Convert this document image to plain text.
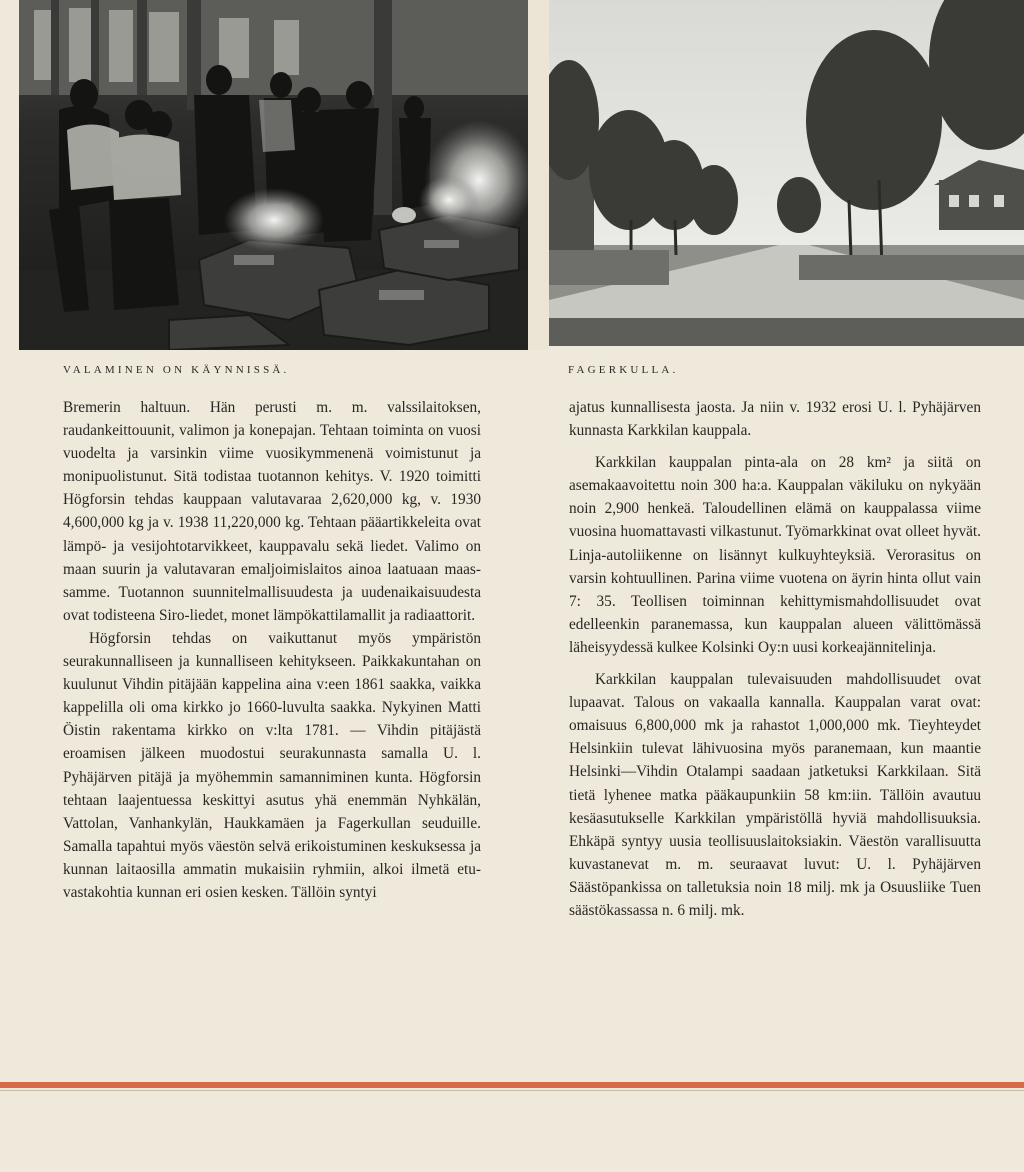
VALAMINEN ON KÄYNNISSÄ.	FAGERKULLA.

Bremerin haltuun. Hän perusti m. m. valssilaitoksen, raudankeittouunit, valimon ja konepajan. Tehtaan toiminta on vuosi vuodelta ja varsinkin viime vuosikymmenenä voimistunut ja monipuolistunut. Sitä todistaa tuotannon kehitys. V. 1920 toimitti Högforsin tehdas kauppaan valutavaraa 2,620,000 kg, v. 1930 4,600,000 kg ja v. 1938 11,220,000 kg. Tehtaan pääartikkeleita ovat lämpö- ja vesijohtotarvikkeet, kauppavalu sekä liedet. Valimo on maan suurin ja valutavaran emaljoimislaitos ainoa laatuaan maassamme. Tuotannon suunnitelmallisuudesta ja uudenaikaisuudesta ovat todisteena Siro-liedet, monet lämpökattilamallit ja radiaattorit.

Högforsin tehdas on vaikuttanut myös ympäristön seurakunnalliseen ja kunnalliseen kehitykseen. Paikkakuntahan on kuulunut Vihdin pitäjään kappelina aina v:een 1861 saakka, vaikka kappelilla oli oma kirkko jo 1660-luvulta saakka. Nykyinen Matti Öistin rakentama kirkko on v:lta 1781. — Vihdin pitäjästä eroamisen jälkeen muodostui seurakunnasta samalla U. l. Pyhäjärven pitäjä ja myöhemmin samanniminen kunta. Högforsin tehtaan laajentuessa keskittyi asutus yhä enemmän Nyhkälän, Vattolan, Vanhankylän, Haukkamäen ja Fagerkullan seuduille. Samalla tapahtui myös väestön selvä erikoistuminen keskuksessa ja kunnan laitaosilla ammatin mukaisiin ryhmiin, alkoi ilmetä etuvastakohtia kunnan eri osien kesken. Tällöin syntyi

ajatus kunnallisesta jaosta. Ja niin v. 1932 erosi U. l. Pyhäjärven kunnasta Karkkilan kauppala.

Karkkilan kauppalan pinta-ala on 28 km² ja siitä on asemakaavoitettu noin 300 ha:a. Kauppalan väkiluku on nykyään noin 2,900 henkeä. Taloudellinen elämä on kauppalassa viime vuosina huomattavasti vilkastunut. Työmarkkinat ovat olleet hyvät. Linja-autoliikenne on lisännyt kulkuyhteyksiä. Verorasitus on varsin kohtuullinen. Parina viime vuotena on äyrin hinta ollut vain 7: 35. Teollisen toiminnan kehittymismahdollisuudet ovat edelleenkin paranemassa, kun kauppalan alueen välittömässä läheisyydessä kulkee Kolsinki Oy:n uusi korkeajännitelinja.

Karkkilan kauppalan tulevaisuuden mahdollisuudet ovat lupaavat. Talous on vakaalla kannalla. Kauppalan varat ovat: omaisuus 6,800,000 mk ja rahastot 1,000,000 mk. Tieyhteydet Helsinkiin tulevat lähivuosina myös paranemaan, kun maantie Helsinki—Vihdin Otalampi saadaan jatketuksi Karkkilaan. Sitä tietä lyhenee matka pääkaupunkiin 58 km:iin. Tällöin avautuu kesäasutukselle Karkkilan ympäristöllä hyviä mahdollisuuksia. Ehkäpä syntyy uusia teollisuuslaitoksiakin. Väestön varallisuutta kuvastanevat m. m. seuraavat luvut: U. l. Pyhäjärven Säästöpankissa on talletuksia noin 18 milj. mk ja Osuusliike Tuen säästökassassa n. 6 milj. mk.
